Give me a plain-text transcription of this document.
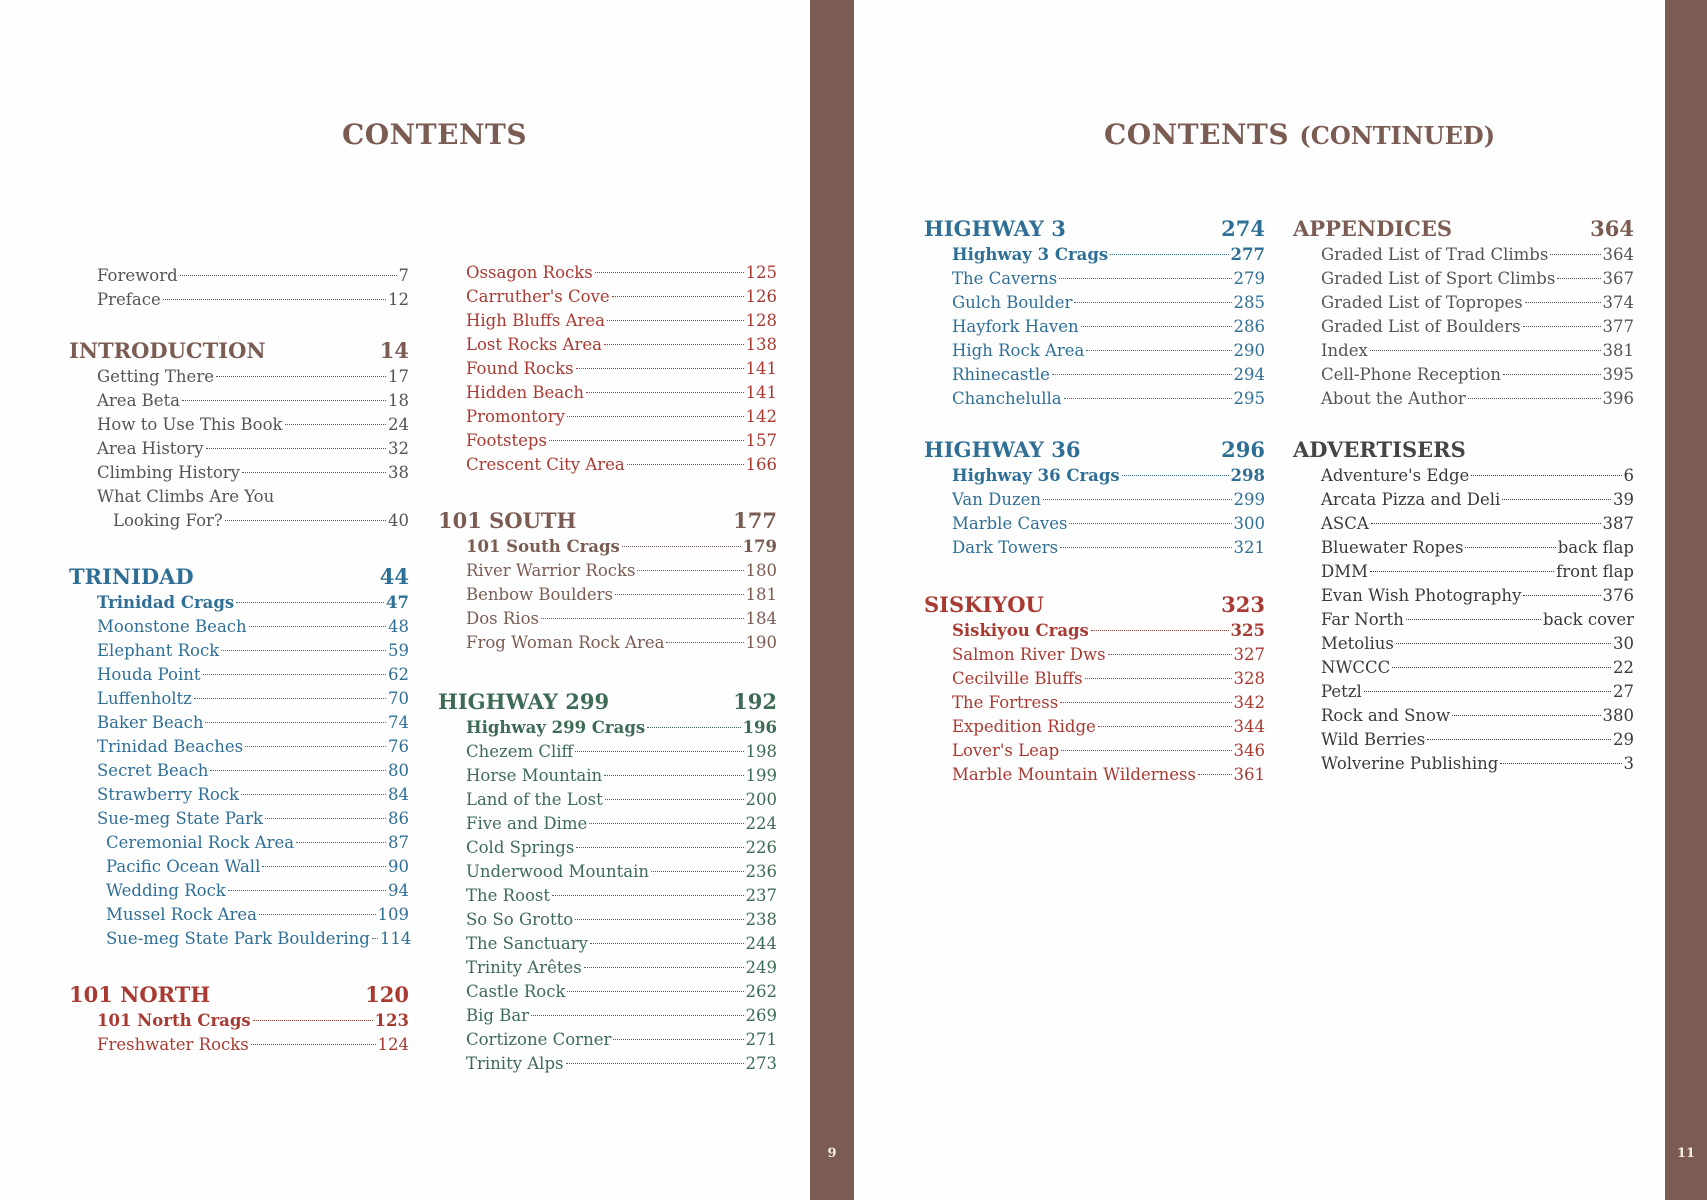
CONTENTS
Foreword	7
Preface	12
INTRODUCTION	14
Getting There	17
Area Beta	18
How to Use This Book	24
Area History	32
Climbing History	38
What Climbs Are You
Looking For?	40
TRINIDAD	44
Trinidad Crags	47
Moonstone Beach	48
Elephant Rock	59
Houda Point	62
Luffenholtz	70
Baker Beach	74
Trinidad Beaches	76
Secret Beach	80
Strawberry Rock	84
Sue-meg State Park	86
Ceremonial Rock Area	87
Pacific Ocean Wall	90
Wedding Rock	94
Mussel Rock Area	109
Sue-meg State Park Bouldering 114
101 NORTH	120
101 North Crags	123
Freshwater Rocks	124
Ossagon Rocks	125
Carruther's Cove	126
High Bluffs Area	128
Lost Rocks Area	138
Found Rocks	141
Hidden Beach	141
Promontory	142
Footsteps	157
Crescent City Area	166
101 SOUTH	177
101 South Crags	179
River Warrior Rocks	180
Benbow Boulders	181
Dos Rios	184
Frog Woman Rock Area	190
HIGHWAY 299	192
Highway 299 Crags	196
Chezem Cliff	198
Horse Mountain	199
Land of the Lost	200
Five and Dime	224
Cold Springs	226
Underwood Mountain	236
The Roost	237
So So Grotto	238
The Sanctuary	244
Trinity Arêtes	249
Castle Rock	262
Big Bar	269
Cortizone Corner	271
Trinity Alps	273
9
CONTENTS (CONTINUED)
HIGHWAY 3	274
Highway 3 Crags	277
The Caverns	279
Gulch Boulder	285
Hayfork Haven	286
High Rock Area	290
Rhinecastle	294
Chanchelulla	295
HIGHWAY 36	296
Highway 36 Crags	298
Van Duzen	299
Marble Caves	300
Dark Towers	321
SISKIYOU	323
Siskiyou Crags	325
Salmon River Dws	327
Cecilville Bluffs	328
The Fortress	342
Expedition Ridge	344
Lover's Leap	346
Marble Mountain Wilderness 361
APPENDICES	364
Graded List of Trad Climbs	364
Graded List of Sport Climbs	367
Graded List of Topropes	374
Graded List of Boulders	377
Index	381
Cell-Phone Reception	395
About the Author	396
ADVERTISERS
Adventure's Edge	6
Arcata Pizza and Deli	39
ASCA	387
Bluewater Ropes	back flap
DMM	front flap
Evan Wish Photography	376
Far North	back cover
Metolius	30
NWCCC	22
Petzl	27
Rock and Snow	380
Wild Berries	29
Wolverine Publishing	3
11
